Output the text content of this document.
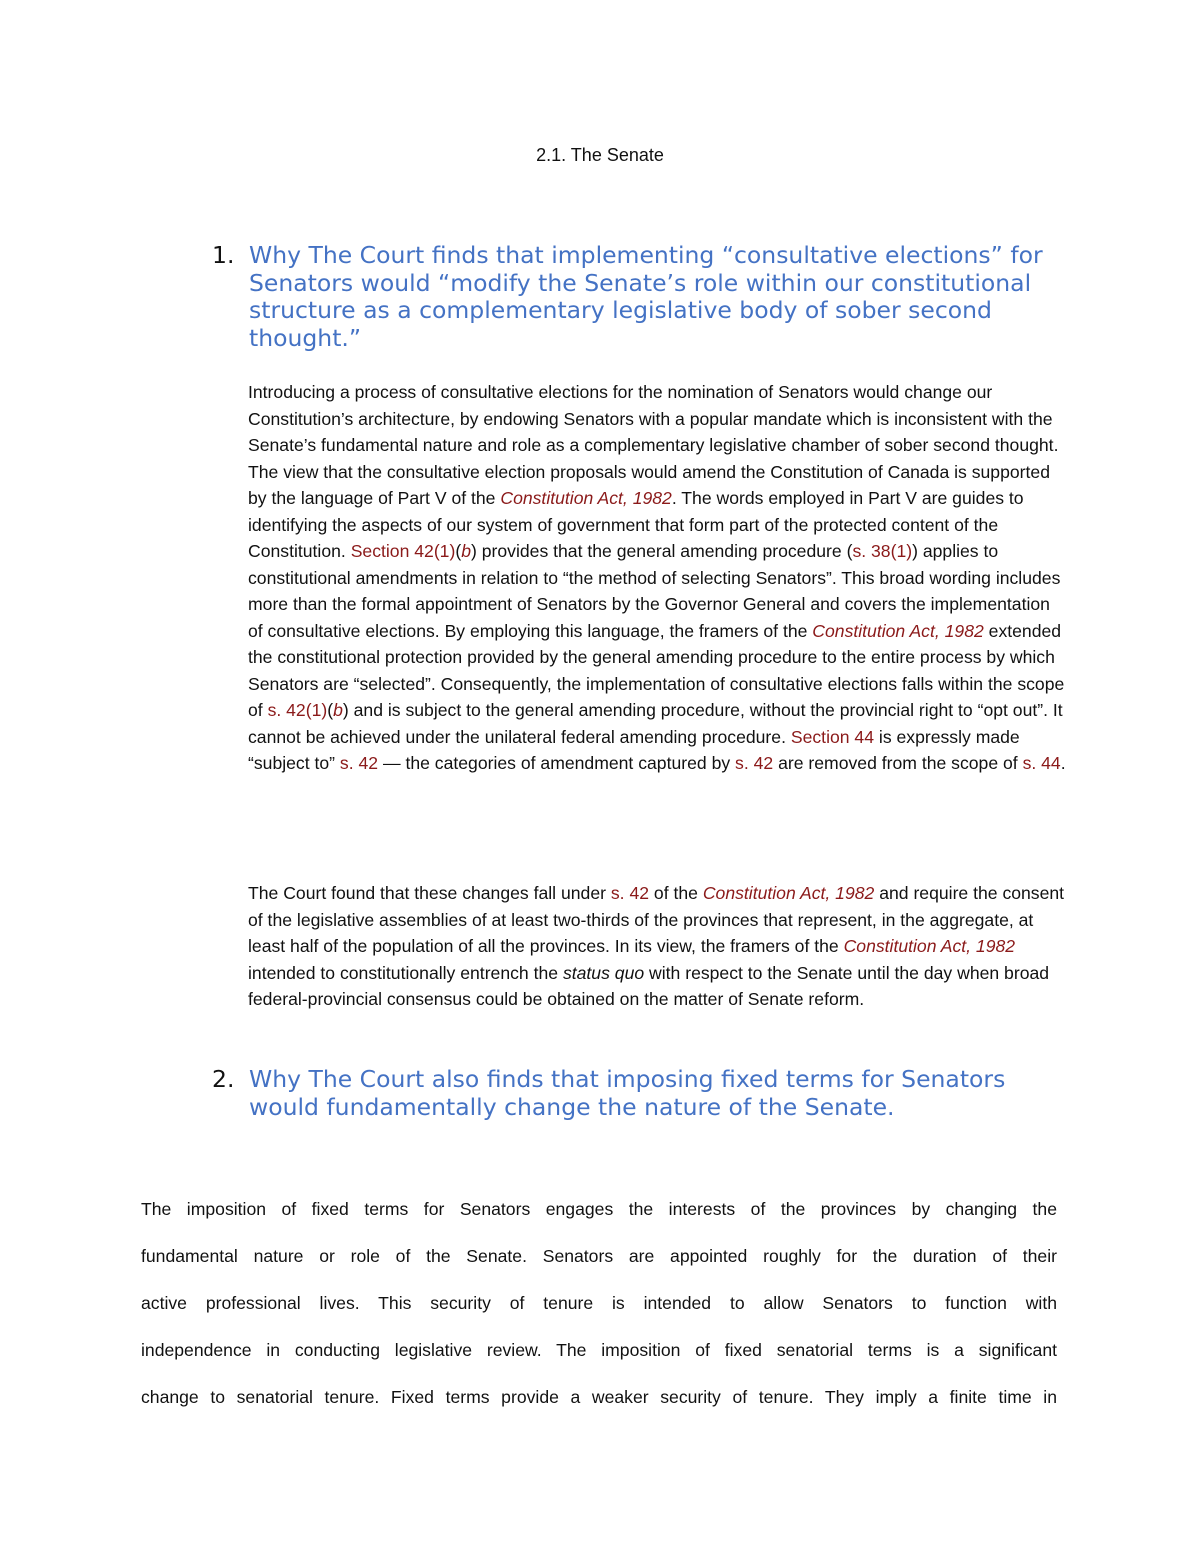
2.1. The Senate
1. Why The Court finds that implementing “consultative elections” for Senators would “modify the Senate’s role within our constitutional structure as a complementary legislative body of sober second thought.”
Introducing a process of consultative elections for the nomination of Senators would change our Constitution’s architecture, by endowing Senators with a popular mandate which is inconsistent with the Senate’s fundamental nature and role as a complementary legislative chamber of sober second thought. The view that the consultative election proposals would amend the Constitution of Canada is supported by the language of Part V of the Constitution Act, 1982. The words employed in Part V are guides to identifying the aspects of our system of government that form part of the protected content of the Constitution. Section 42(1)(b) provides that the general amending procedure (s. 38(1)) applies to constitutional amendments in relation to “the method of selecting Senators”. This broad wording includes more than the formal appointment of Senators by the Governor General and covers the implementation of consultative elections. By employing this language, the framers of the Constitution Act, 1982 extended the constitutional protection provided by the general amending procedure to the entire process by which Senators are “selected”. Consequently, the implementation of consultative elections falls within the scope of s. 42(1)(b) and is subject to the general amending procedure, without the provincial right to “opt out”. It cannot be achieved under the unilateral federal amending procedure. Section 44 is expressly made “subject to” s. 42 — the categories of amendment captured by s. 42 are removed from the scope of s. 44.
The Court found that these changes fall under s. 42 of the Constitution Act, 1982 and require the consent of the legislative assemblies of at least two-thirds of the provinces that represent, in the aggregate, at least half of the population of all the provinces. In its view, the framers of the Constitution Act, 1982 intended to constitutionally entrench the status quo with respect to the Senate until the day when broad federal-provincial consensus could be obtained on the matter of Senate reform.
2. Why The Court also finds that imposing fixed terms for Senators would fundamentally change the nature of the Senate.
The imposition of fixed terms for Senators engages the interests of the provinces by changing the
fundamental nature or role of the Senate. Senators are appointed roughly for the duration of their
active professional lives. This security of tenure is intended to allow Senators to function with
independence in conducting legislative review. The imposition of fixed senatorial terms is a significant
change to senatorial tenure. Fixed terms provide a weaker security of tenure. They imply a finite time in
